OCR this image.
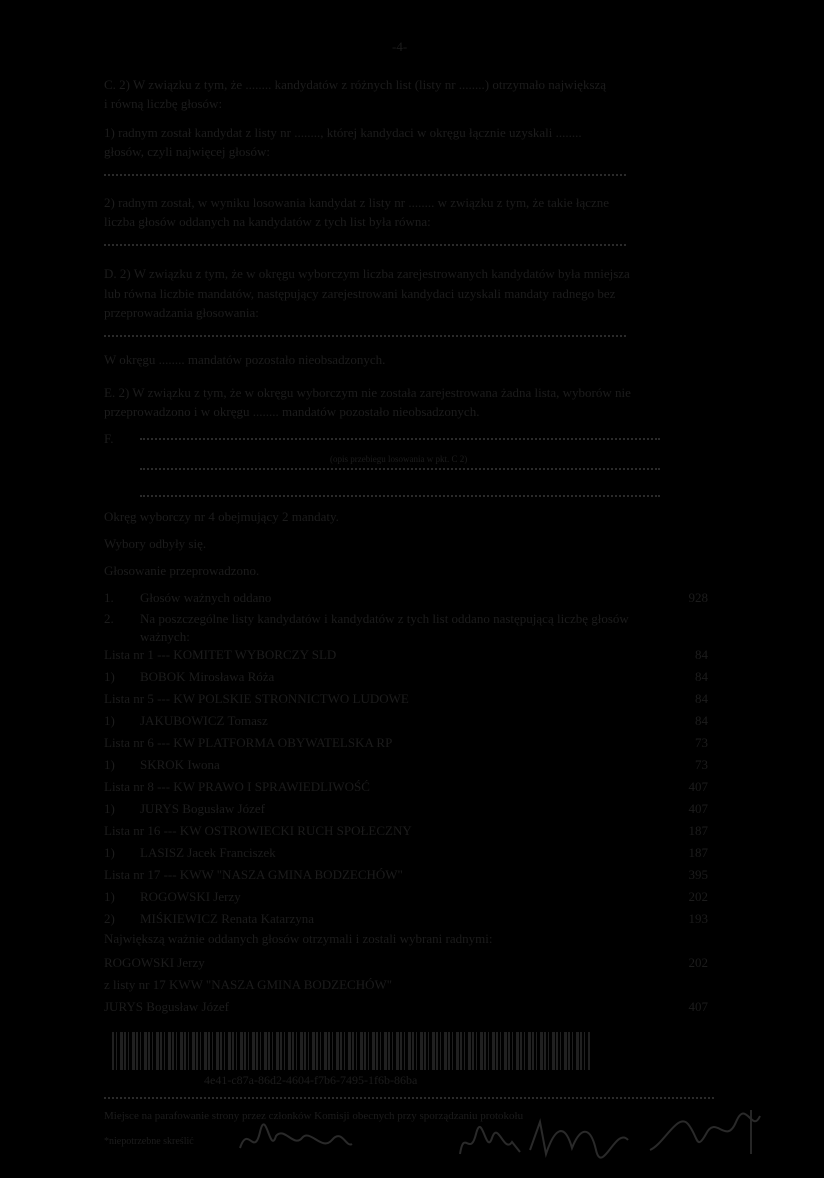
-4-
C. 2) W związku z tym, że ........ kandydatów z różnych list (listy nr ........) otrzymało największą
i równą liczbę głosów:
1) radnym został kandydat z listy nr ........, której kandydaci w okręgu łącznie uzyskali ........
głosów, czyli najwięcej głosów:
2) radnym został, w wyniku losowania kandydat z listy nr ........ w związku z tym, że takie łączne
liczba głosów oddanych na kandydatów z tych list była równa:
D. 2) W związku z tym, że w okręgu wyborczym liczba zarejestrowanych kandydatów była mniejsza
lub równa liczbie mandatów, następujący zarejestrowani kandydaci uzyskali mandaty radnego bez
przeprowadzania głosowania:
W okręgu ........ mandatów pozostało nieobsadzonych.
E. 2) W związku z tym, że w okręgu wyborczym nie została zarejestrowana żadna lista, wyborów nie
przeprowadzono i w okręgu ........ mandatów pozostało nieobsadzonych.
F.
(opis przebiegu losowania w pkt. C 2)
Okręg wyborczy nr 4 obejmujący 2 mandaty.
Wybory odbyły się.
Głosowanie przeprowadzono.
1. Głosów ważnych oddano	928
2. Na poszczególne listy kandydatów i kandydatów z tych list oddano następującą liczbę głosów
ważnych:
Lista nr 1 --- KOMITET WYBORCZY SLD	84
1) BOBOK Mirosława Róża	84
Lista nr 5 --- KW POLSKIE STRONNICTWO LUDOWE	84
1) JAKUBOWICZ Tomasz	84
Lista nr 6 --- KW PLATFORMA OBYWATELSKA RP	73
1) SKROK Iwona	73
Lista nr 8 --- KW PRAWO I SPRAWIEDLIWOŚĆ	407
1) JURYS Bogusław Józef	407
Lista nr 16 --- KW OSTROWIECKI RUCH SPOŁECZNY	187
1) LASISZ Jacek Franciszek	187
Lista nr 17 --- KWW "NASZA GMINA BODZECHÓW"	395
1) ROGOWSKI Jerzy	202
2) MIŚKIEWICZ Renata Katarzyna	193
Największą ważnie oddanych głosów otrzymali i zostali wybrani radnymi:
ROGOWSKI Jerzy	202
z listy nr 17 KWW "NASZA GMINA BODZECHÓW"
JURYS Bogusław Józef	407
4e41-c87a-86d2-4604-f7b6-7495-1f6b-86ba
Miejsce na parafowanie strony przez członków Komisji obecnych przy sporządzaniu protokołu
*niepotrzebne skreślić
